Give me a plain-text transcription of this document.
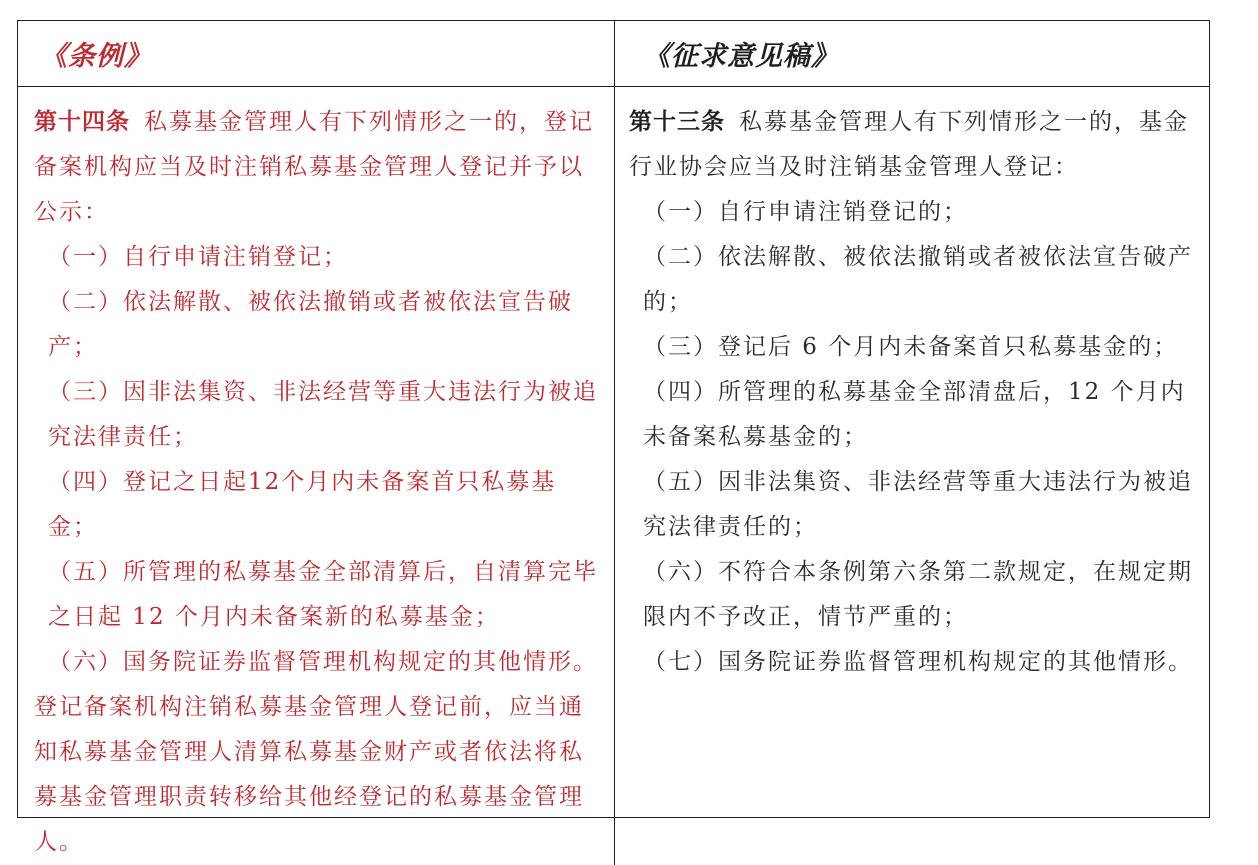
《条例》	《征求意见稿》

第十四条 私募基金管理人有下列情形之一的，登记备案机构应当及时注销私募基金管理人登记并予以公示：

（一）自行申请注销登记；

（二）依法解散、被依法撤销或者被依法宣告破产；

（三）因非法集资、非法经营等重大违法行为被追究法律责任；

（四）登记之日起12个月内未备案首只私募基金；

（五）所管理的私募基金全部清算后，自清算完毕之日起 12 个月内未备案新的私募基金；

（六）国务院证券监督管理机构规定的其他情形。

登记备案机构注销私募基金管理人登记前，应当通知私募基金管理人清算私募基金财产或者依法将私募基金管理职责转移给其他经登记的私募基金管理人。

第十三条 私募基金管理人有下列情形之一的，基金行业协会应当及时注销基金管理人登记：

（一）自行申请注销登记的；

（二）依法解散、被依法撤销或者被依法宣告破产的；

（三）登记后 6 个月内未备案首只私募基金的；

（四）所管理的私募基金全部清盘后，12 个月内未备案私募基金的；

（五）因非法集资、非法经营等重大违法行为被追究法律责任的；

（六）不符合本条例第六条第二款规定，在规定期限内不予改正，情节严重的；

（七）国务院证券监督管理机构规定的其他情形。
